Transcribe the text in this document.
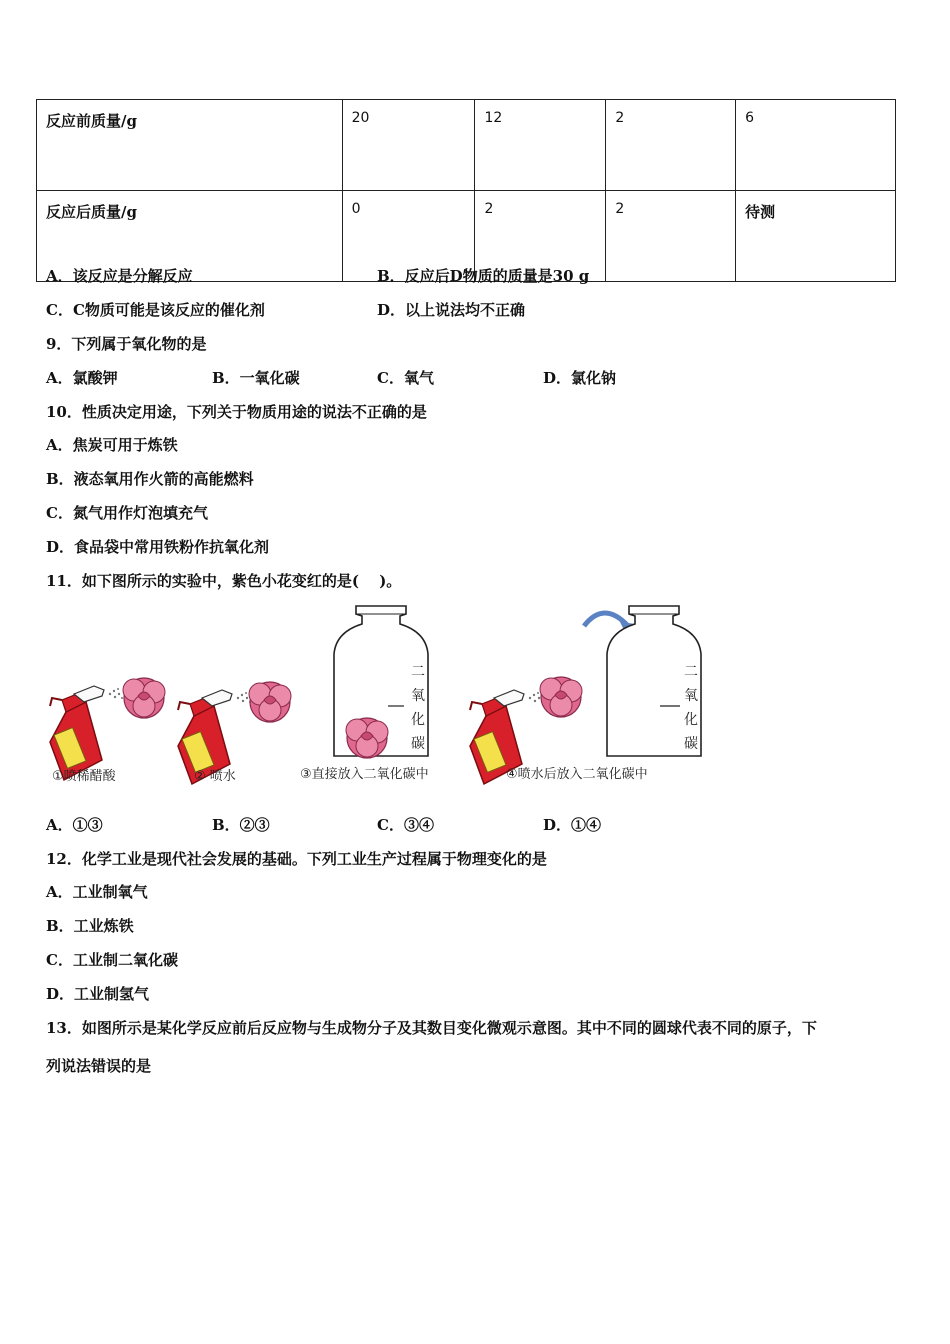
反应前质量/g	20	12	2	6
反应后质量/g	0	2	2	待测
A．该反应是分解反应	B．反应后D物质的质量是30 g
C．C物质可能是该反应的催化剂	D．以上说法均不正确
9．下列属于氧化物的是
A．氯酸钾	B．一氧化碳	C．氧气	D．氯化钠
10．性质决定用途，下列关于物质用途的说法不正确的是
A．焦炭可用于炼铁
B．液态氧用作火箭的高能燃料
C．氮气用作灯泡填充气
D．食品袋中常用铁粉作抗氧化剂
11．如下图所示的实验中，紫色小花变红的是(　 )。
二
氧
化
碳
二
氧
化
碳
①喷稀醋酸	② 喷水	③直接放入二氧化碳中	④喷水后放入二氧化碳中
A．①③	B．②③	C．③④	D．①④
12．化学工业是现代社会发展的基础。下列工业生产过程属于物理变化的是
A．工业制氧气
B．工业炼铁
C．工业制二氧化碳
D．工业制氢气
13．如图所示是某化学反应前后反应物与生成物分子及其数目变化微观示意图。其中不同的圆球代表不同的原子，下
列说法错误的是
